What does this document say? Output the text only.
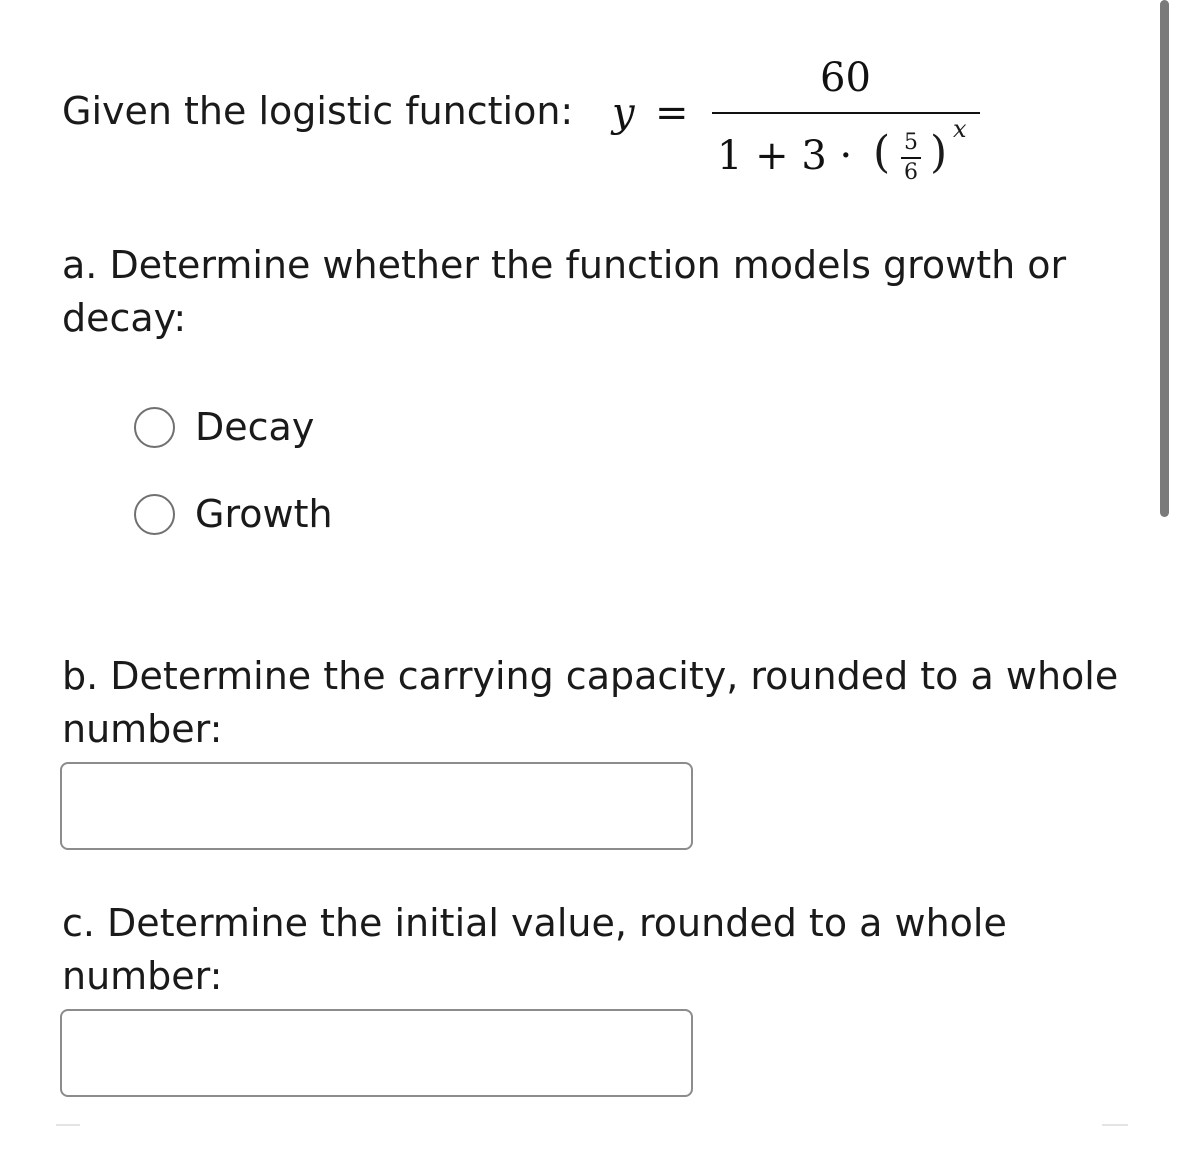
Given the logistic function: y =
60
1 + 3 · ( 5
6 ) x
a. Determine whether the function models growth or decay:
Decay
Growth
b. Determine the carrying capacity, rounded to a whole number:
c. Determine the initial value, rounded to a whole number:
